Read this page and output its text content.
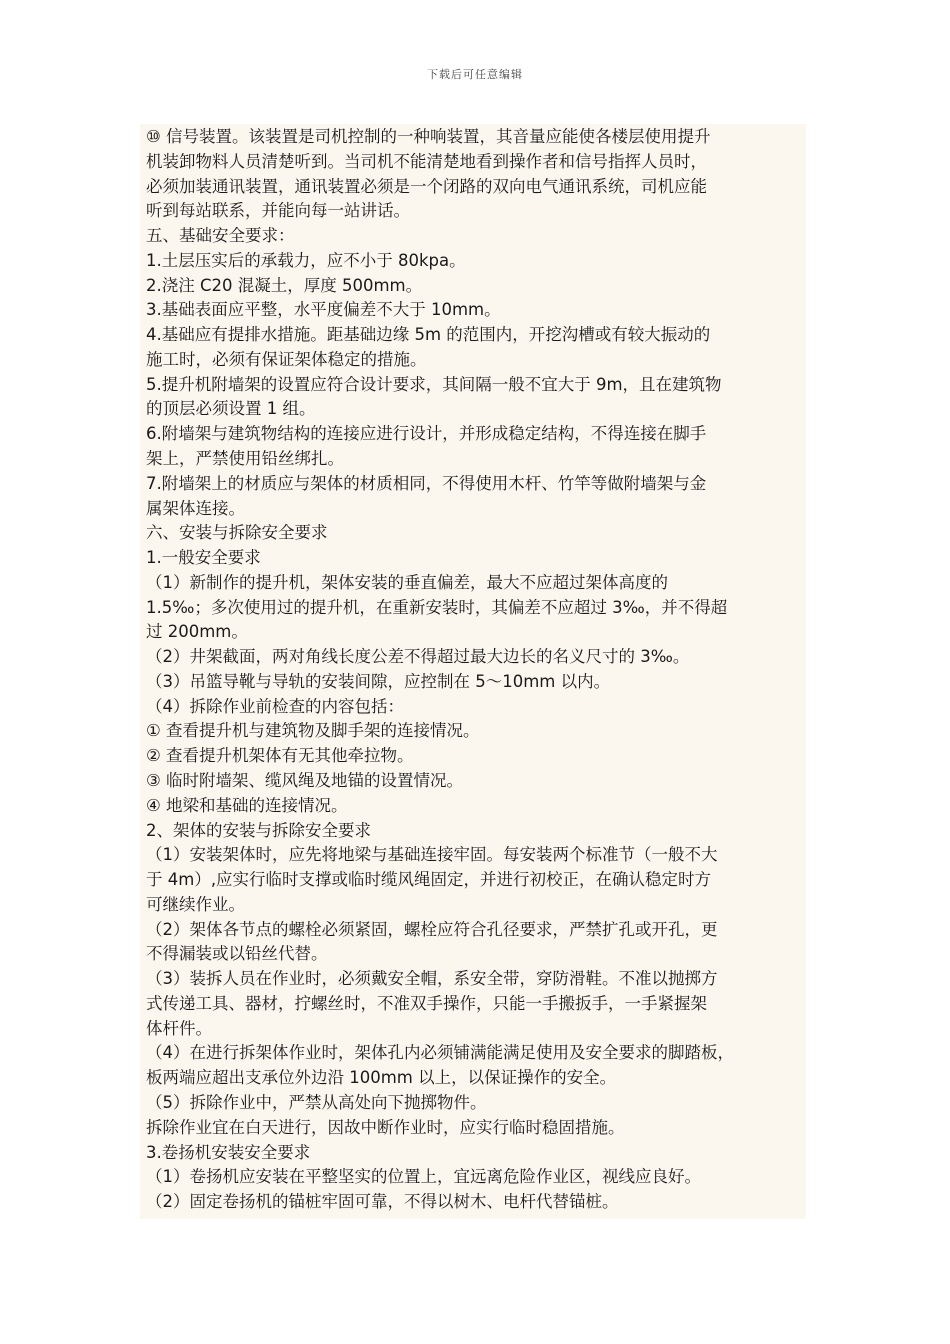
下载后可任意编辑
⑩ 信号装置。该装置是司机控制的一种响装置，其音量应能使各楼层使用提升
机装卸物料人员清楚听到。当司机不能清楚地看到操作者和信号指挥人员时，
必须加装通讯装置，通讯装置必须是一个闭路的双向电气通讯系统，司机应能
听到每站联系，并能向每一站讲话。
五、基础安全要求：
1.土层压实后的承载力，应不小于 80kpa。
2.浇注 C20 混凝土，厚度 500mm。
3.基础表面应平整，水平度偏差不大于 10mm。
4.基础应有提排水措施。距基础边缘 5m 的范围内，开挖沟槽或有较大振动的
施工时，必须有保证架体稳定的措施。
5.提升机附墙架的设置应符合设计要求，其间隔一般不宜大于 9m，且在建筑物
的顶层必须设置 1 组。
6.附墙架与建筑物结构的连接应进行设计，并形成稳定结构，不得连接在脚手
架上，严禁使用铅丝绑扎。
7.附墙架上的材质应与架体的材质相同，不得使用木杆、竹竿等做附墙架与金
属架体连接。
六、安装与拆除安全要求
1.一般安全要求
（1）新制作的提升机，架体安装的垂直偏差，最大不应超过架体高度的
1.5‰；多次使用过的提升机，在重新安装时，其偏差不应超过 3‰，并不得超
过 200mm。
（2）井架截面，两对角线长度公差不得超过最大边长的名义尺寸的 3‰。
（3）吊篮导靴与导轨的安装间隙，应控制在 5～10mm 以内。
（4）拆除作业前检查的内容包括：
① 查看提升机与建筑物及脚手架的连接情况。
② 查看提升机架体有无其他牵拉物。
③ 临时附墙架、缆风绳及地锚的设置情况。
④ 地梁和基础的连接情况。
2、架体的安装与拆除安全要求
（1）安装架体时，应先将地梁与基础连接牢固。每安装两个标准节（一般不大
于 4m）,应实行临时支撑或临时缆风绳固定，并进行初校正，在确认稳定时方
可继续作业。
（2）架体各节点的螺栓必须紧固，螺栓应符合孔径要求，严禁扩孔或开孔，更
不得漏装或以铅丝代替。
（3）装拆人员在作业时，必须戴安全帽，系安全带，穿防滑鞋。不准以抛掷方
式传递工具、器材，拧螺丝时，不准双手操作，只能一手搬扳手，一手紧握架
体杆件。
（4）在进行拆架体作业时，架体孔内必须铺满能满足使用及安全要求的脚踏板，
板两端应超出支承位外边沿 100mm 以上，以保证操作的安全。
（5）拆除作业中，严禁从高处向下抛掷物件。
拆除作业宜在白天进行，因故中断作业时，应实行临时稳固措施。
3.卷扬机安装安全要求
（1）卷扬机应安装在平整坚实的位置上，宜远离危险作业区，视线应良好。
（2）固定卷扬机的锚桩牢固可靠，不得以树木、电杆代替锚桩。
